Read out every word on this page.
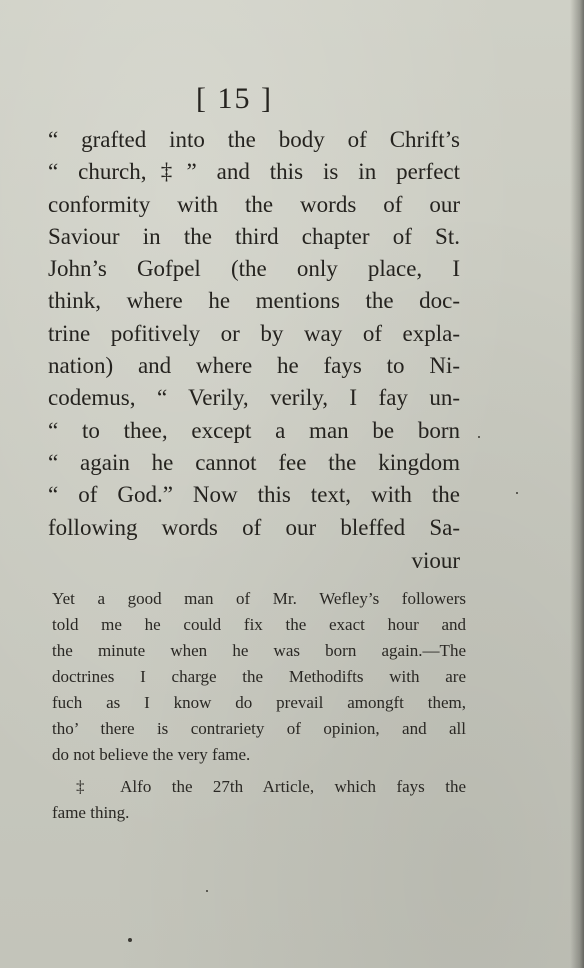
[ 15 ]
“ grafted into the body of Chrift’s
“ church,‡” and this is in perfect
conformity with the words of our
Saviour in the third chapter of St.
John’s Gofpel (the only place, I
think, where he mentions the doc-
trine pofitively or by way of expla-
nation) and where he fays to Ni-
codemus, “ Verily, verily, I fay un-
“ to thee, except a man be born
“ again he cannot fee the kingdom
“ of God.” Now this text, with the
following words of our bleffed Sa-
viour
Yet a good man of Mr. Wefley’s followers
told me he could fix the exact hour and
the minute when he was born again.—The
doctrines I charge the Methodifts with are
fuch as I know do prevail amongft them,
tho’ there is contrariety of opinion, and all
do not believe the very fame.
‡ Alfo the 27th Article, which fays the
fame thing.
